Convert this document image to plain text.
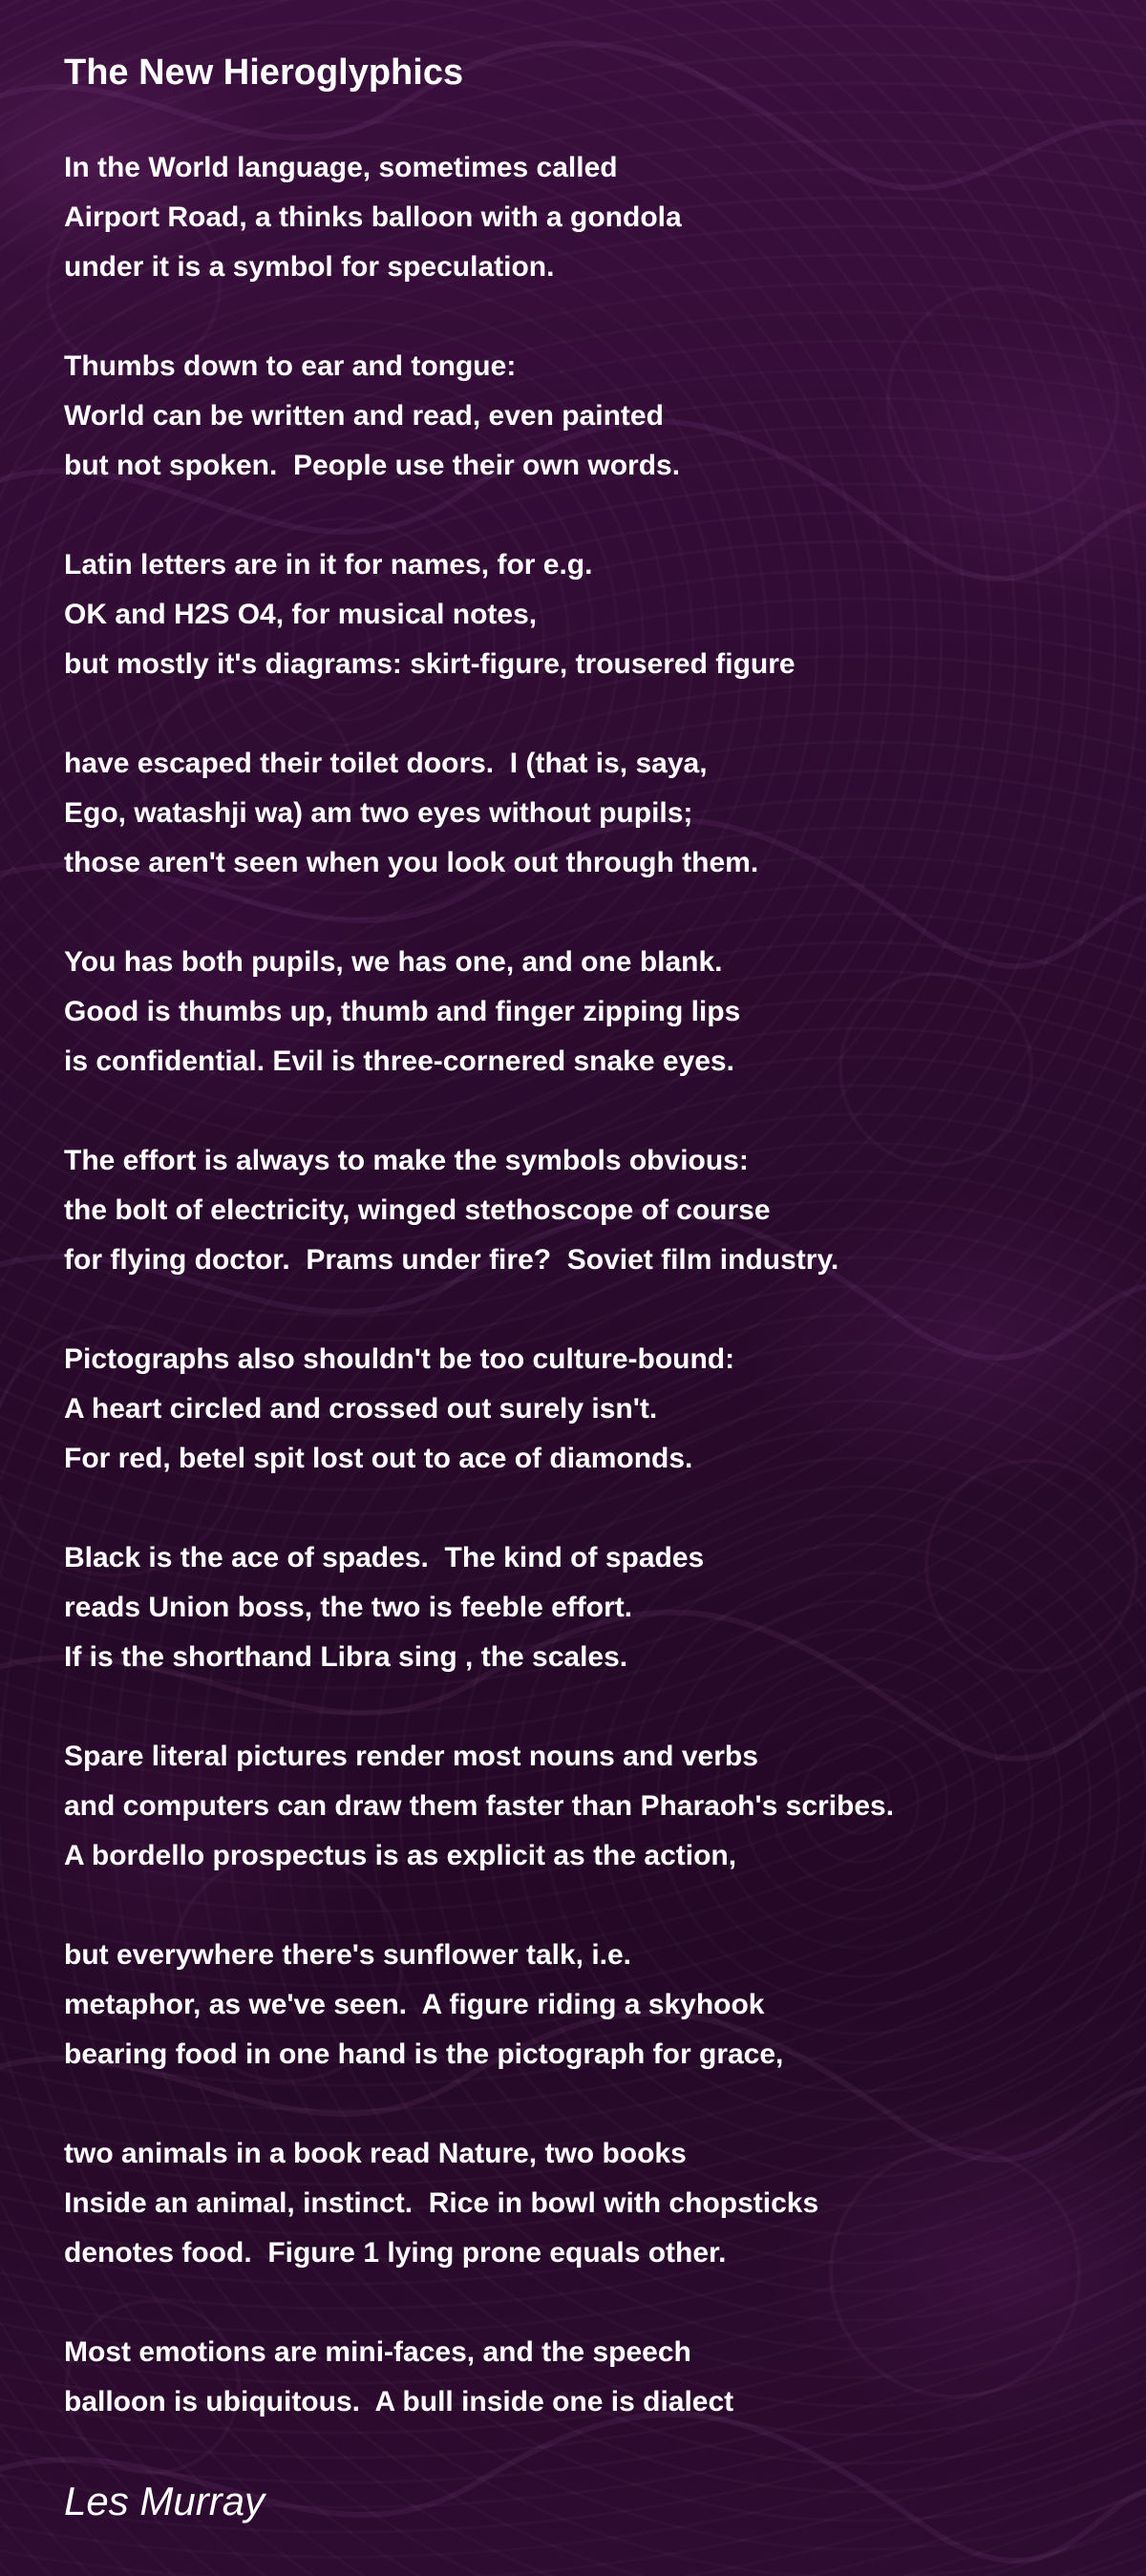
The New Hieroglyphics
In the World language, sometimes called
Airport Road, a thinks balloon with a gondola
under it is a symbol for speculation.
Thumbs down to ear and tongue:
World can be written and read, even painted
but not spoken.  People use their own words.
Latin letters are in it for names, for e.g.
OK and H2S O4, for musical notes,
but mostly it's diagrams: skirt-figure, trousered figure
have escaped their toilet doors.  I (that is, saya,
Ego, watashji wa) am two eyes without pupils;
those aren't seen when you look out through them.
You has both pupils, we has one, and one blank.
Good is thumbs up, thumb and finger zipping lips
is confidential. Evil is three-cornered snake eyes.
The effort is always to make the symbols obvious:
the bolt of electricity, winged stethoscope of course
for flying doctor.  Prams under fire?  Soviet film industry.
Pictographs also shouldn't be too culture-bound:
A heart circled and crossed out surely isn't.
For red, betel spit lost out to ace of diamonds.
Black is the ace of spades.  The kind of spades
reads Union boss, the two is feeble effort.
If is the shorthand Libra sing , the scales.
Spare literal pictures render most nouns and verbs
and computers can draw them faster than Pharaoh's scribes.
A bordello prospectus is as explicit as the action,
but everywhere there's sunflower talk, i.e.
metaphor, as we've seen.  A figure riding a skyhook
bearing food in one hand is the pictograph for grace,
two animals in a book read Nature, two books
Inside an animal, instinct.  Rice in bowl with chopsticks
denotes food.  Figure 1 lying prone equals other.
Most emotions are mini-faces, and the speech
balloon is ubiquitous.  A bull inside one is dialect
Les Murray
